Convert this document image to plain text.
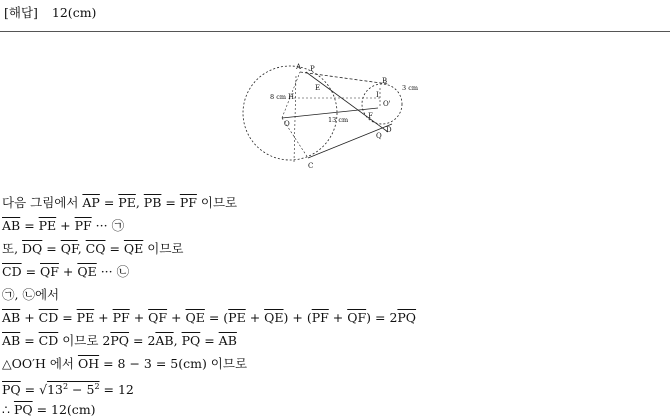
[해답] 12(cm)
A P
E
H
O
C
B
I
O'
F
D
Q
8 cm
3 cm
13 cm
다음 그림에서 $\overline{AP} = \overline{PE}$, $\overline{PB} = \overline{PF}$ 이므로
$\overline{AB} = \overline{PE} + \overline{PF}$ ··· ㉠
또, $\overline{DQ} = \overline{QF}$, $\overline{CQ} = \overline{QE}$ 이므로
$\overline{CD} = \overline{QF} + \overline{QE}$ ··· ㉡
㉠, ㉡에서
$\overline{AB} + \overline{CD} = \overline{PE} + \overline{PF} + \overline{QF} + \overline{QE} = (\overline{PE} + \overline{QE}) + (\overline{PF} + \overline{QF}) = 2\overline{PQ}$
$\overline{AB} = \overline{CD}$ 이므로 $2\overline{PQ} = 2\overline{AB}$, $\overline{PQ} = \overline{AB}$
△OO′H 에서 $\overline{OH} = 8 - 3 = 5(cm)$ 이므로
$\overline{PQ} = √13^2 - 5^2 = 12$
∴ $\overline{PQ} = 12(cm)$
